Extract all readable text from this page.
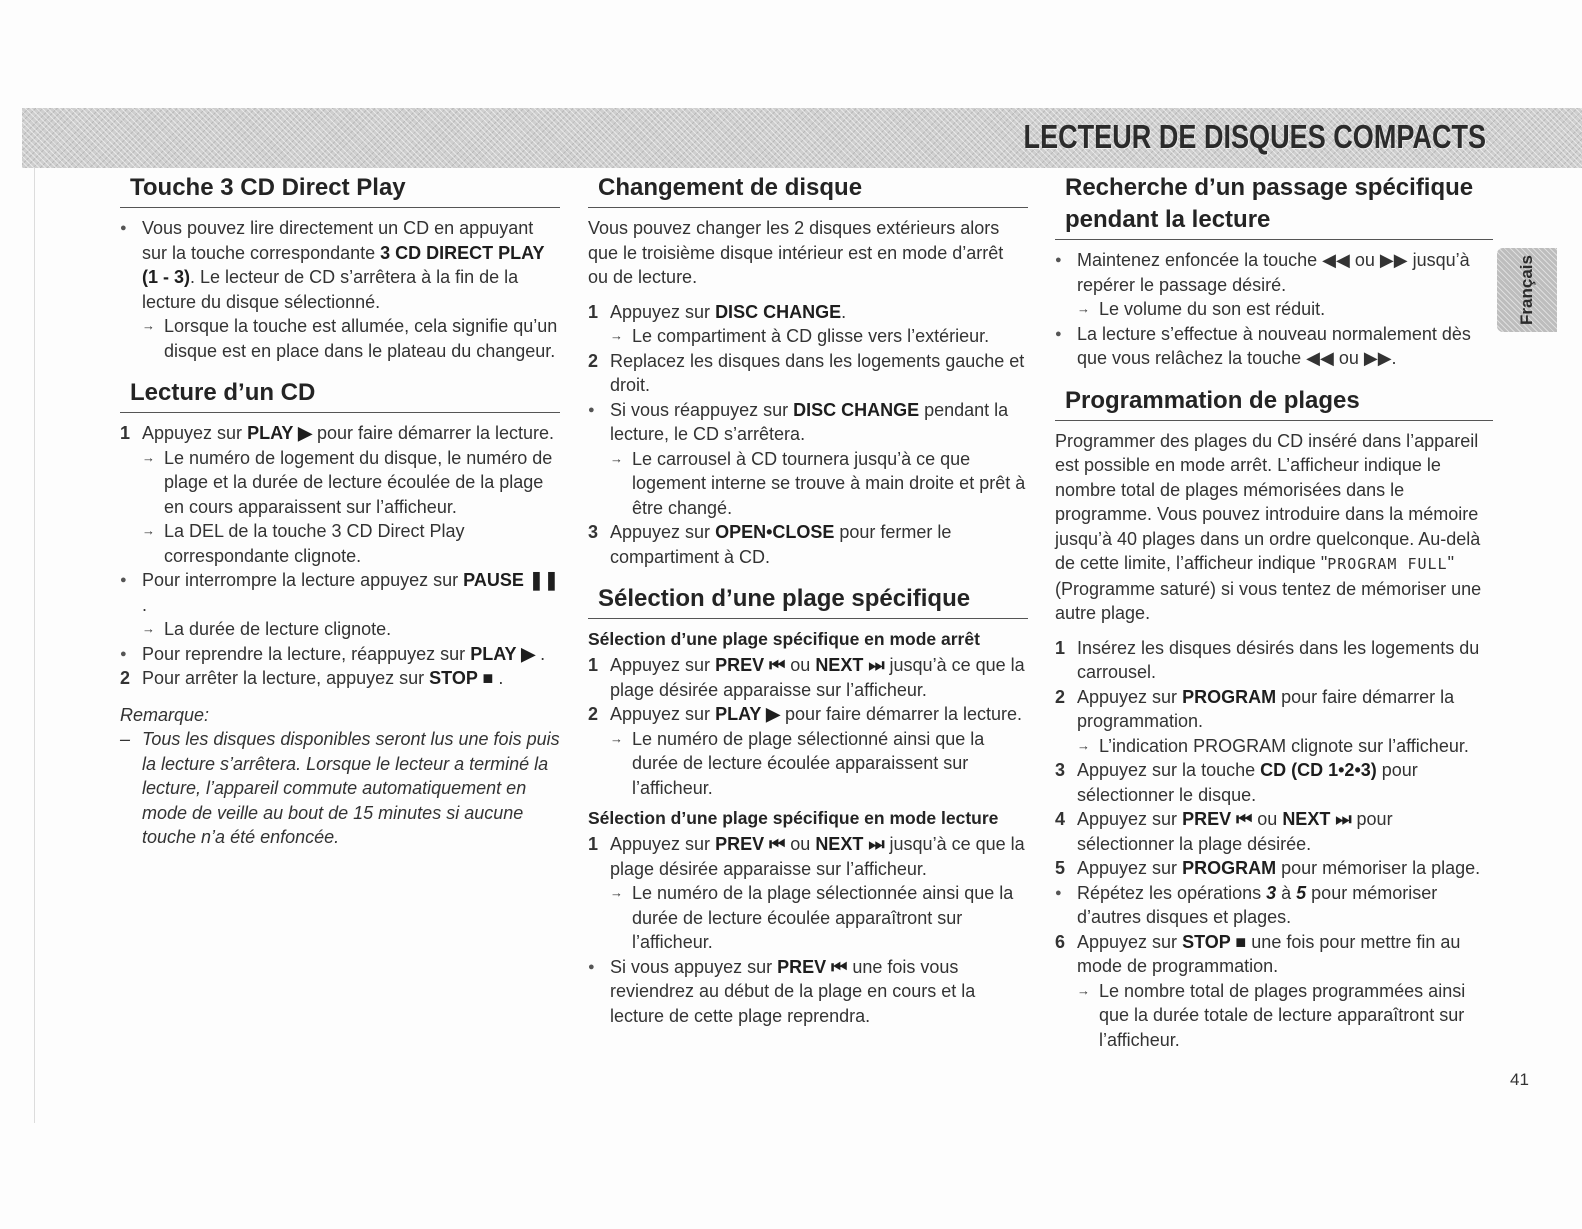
LECTEUR DE DISQUES COMPACTS
Français
Touche 3 CD Direct Play

● Vous pouvez lire directement un CD en appuyant sur la touche correspondante 3 CD DIRECT PLAY (1 - 3). Le lecteur de CD s’arrêtera à la fin de la lecture du disque sélectionné.

→ Lorsque la touche est allumée, cela signifie qu’un disque est en place dans le plateau du changeur.
Lecture d’un CD

1 Appuyez sur PLAY ▶ pour faire démarrer la lecture.

→ Le numéro de logement du disque, le numéro de plage et la durée de lecture écoulée de la plage en cours apparaissent sur l’afficheur.
→ La DEL de la touche 3 CD Direct Play correspondante clignote.

● Pour interrompre la lecture appuyez sur PAUSE ❚❚ .

→ La durée de lecture clignote.

● Pour reprendre la lecture, réappuyez sur PLAY ▶ .

2 Pour arrêter la lecture, appuyez sur STOP ■ .

Remarque:
– Tous les disques disponibles seront lus une fois puis la lecture s’arrêtera. Lorsque le lecteur a terminé la lecture, l’appareil commute automatiquement en mode de veille au bout de 15 minutes si aucune touche n’a été enfoncée.
Changement de disque

Vous pouvez changer les 2 disques extérieurs alors que le troisième disque intérieur est en mode d’arrêt ou de lecture.

1 Appuyez sur DISC CHANGE.

→ Le compartiment à CD glisse vers l’extérieur.

2 Replacez les disques dans les logements gauche et droit.

● Si vous réappuyez sur DISC CHANGE pendant la lecture, le CD s’arrêtera.

→ Le carrousel à CD tournera jusqu’à ce que logement interne se trouve à main droite et prêt à être changé.

3 Appuyez sur OPEN•CLOSE pour fermer le compartiment à CD.

Sélection d’une plage spécifique
Sélection d’une plage spécifique en mode arrêt

1 Appuyez sur PREV ⏮ ou NEXT ⏭ jusqu’à ce que la plage désirée apparaisse sur l’afficheur.

2 Appuyez sur PLAY ▶ pour faire démarrer la lecture.

→ Le numéro de plage sélectionné ainsi que la durée de lecture écoulée apparaissent sur l’afficheur.
Sélection d’une plage spécifique en mode lecture

1 Appuyez sur PREV ⏮ ou NEXT ⏭ jusqu’à ce que la plage désirée apparaisse sur l’afficheur.

→ Le numéro de la plage sélectionnée ainsi que la durée de lecture écoulée apparaîtront sur l’afficheur.

● Si vous appuyez sur PREV ⏮ une fois vous reviendrez au début de la plage en cours et la lecture de cette plage reprendra.

Recherche d’un passage spécifique pendant la lecture

● Maintenez enfoncée la touche ◀◀ ou ▶▶ jusqu’à repérer le passage désiré.

→ Le volume du son est réduit.

● La lecture s’effectue à nouveau normalement dès que vous relâchez la touche ◀◀ ou ▶▶.

Programmation de plages

Programmer des plages du CD inséré dans l’appareil est possible en mode arrêt. L’afficheur indique le nombre total de plages mémorisées dans le programme. Vous pouvez introduire dans la mémoire jusqu’à 40 plages dans un ordre quelconque. Au-delà de cette limite, l’afficheur indique "PROGRAM FULL" (Programme saturé) si vous tentez de mémoriser une autre plage.

1 Insérez les disques désirés dans les logements du carrousel.

2 Appuyez sur PROGRAM pour faire démarrer la programmation.

→ L’indication PROGRAM clignote sur l’afficheur.

3 Appuyez sur la touche CD (CD 1•2•3) pour sélectionner le disque.

4 Appuyez sur PREV ⏮ ou NEXT ⏭ pour sélectionner la plage désirée.

5 Appuyez sur PROGRAM pour mémoriser la plage.

● Répétez les opérations 3 à 5 pour mémoriser d’autres disques et plages.

6 Appuyez sur STOP ■ une fois pour mettre fin au mode de programmation.

→ Le nombre total de plages programmées ainsi que la durée totale de lecture apparaîtront sur l’afficheur.
41
